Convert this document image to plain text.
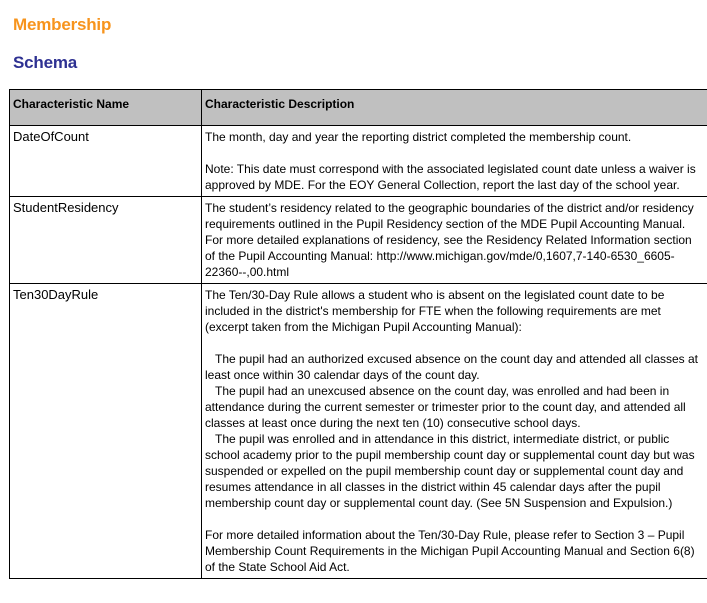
Membership
Schema
Characteristic Name	Characteristic Description
DateOfCount	The month, day and year the reporting district completed the membership count.

Note: This date must correspond with the associated legislated count date unless a waiver is approved by MDE. For the EOY General Collection, report the last day of the school year.

StudentResidency	The student’s residency related to the geographic boundaries of the district and/or residency requirements outlined in the Pupil Residency section of the MDE Pupil Accounting Manual. For more detailed explanations of residency, see the Residency Related Information section of the Pupil Accounting Manual: http://www.michigan.gov/mde/0,1607,7-140-6530_6605-22360--,00.html

Ten30DayRule	The Ten/30-Day Rule allows a student who is absent on the legislated count date to be included in the district's membership for FTE when the following requirements are met (excerpt taken from the Michigan Pupil Accounting Manual):

The pupil had an authorized excused absence on the count day and attended all classes at least once within 30 calendar days of the count day.

The pupil had an unexcused absence on the count day, was enrolled and had been in attendance during the current semester or trimester prior to the count day, and attended all classes at least once during the next ten (10) consecutive school days.

The pupil was enrolled and in attendance in this district, intermediate district, or public school academy prior to the pupil membership count day or supplemental count day but was suspended or expelled on the pupil membership count day or supplemental count day and resumes attendance in all classes in the district within 45 calendar days after the pupil membership count day or supplemental count day. (See 5N Suspension and Expulsion.)

For more detailed information about the Ten/30-Day Rule, please refer to Section 3 – Pupil Membership Count Requirements in the Michigan Pupil Accounting Manual and Section 6(8) of the State School Aid Act.
